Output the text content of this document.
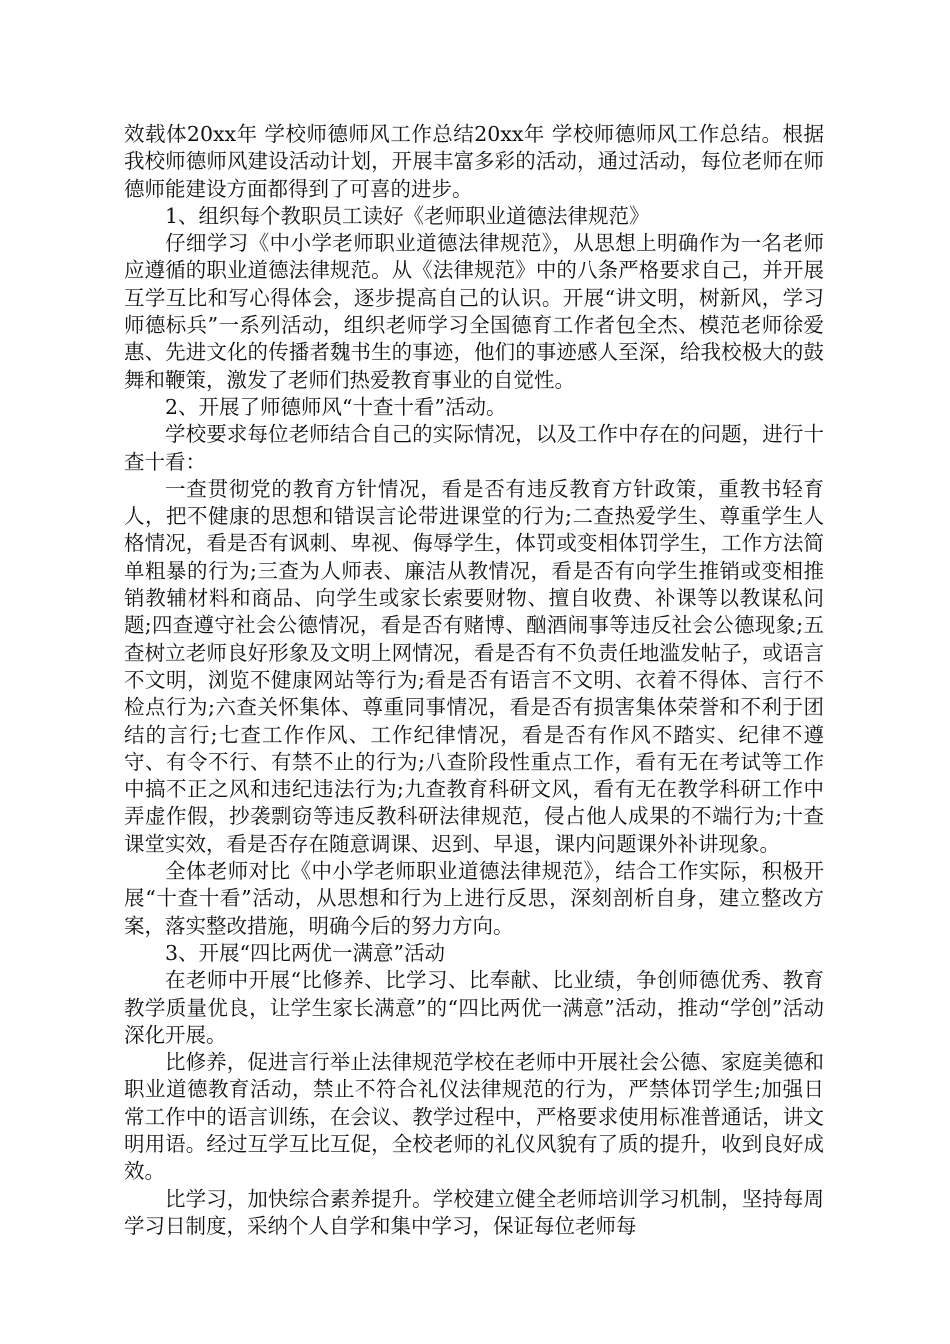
效载体20xx年 学校师德师风工作总结20xx年 学校师德师风工作总结。根据我校师德师风建设活动计划，开展丰富多彩的活动，通过活动，每位老师在师德师能建设方面都得到了可喜的进步。

1、组织每个教职员工读好《老师职业道德法律规范》

仔细学习《中小学老师职业道德法律规范》，从思想上明确作为一名老师应遵循的职业道德法律规范。从《法律规范》中的八条严格要求自己，并开展互学互比和写心得体会，逐步提高自己的认识。开展“讲文明，树新风，学习师德标兵”一系列活动，组织老师学习全国德育工作者包全杰、模范老师徐爱惠、先进文化的传播者魏书生的事迹，他们的事迹感人至深，给我校极大的鼓舞和鞭策，激发了老师们热爱教育事业的自觉性。

2、开展了师德师风“十查十看”活动。

学校要求每位老师结合自己的实际情况，以及工作中存在的问题，进行十查十看：

一查贯彻党的教育方针情况，看是否有违反教育方针政策，重教书轻育人，把不健康的思想和错误言论带进课堂的行为;二查热爱学生、尊重学生人格情况，看是否有讽刺、卑视、侮辱学生，体罚或变相体罚学生，工作方法简单粗暴的行为;三查为人师表、廉洁从教情况，看是否有向学生推销或变相推销教辅材料和商品、向学生或家长索要财物、擅自收费、补课等以教谋私问题;四查遵守社会公德情况，看是否有赌博、酗酒闹事等违反社会公德现象;五查树立老师良好形象及文明上网情况，看是否有不负责任地滥发帖子，或语言不文明，浏览不健康网站等行为;看是否有语言不文明、衣着不得体、言行不检点行为;六查关怀集体、尊重同事情况，看是否有损害集体荣誉和不利于团结的言行;七查工作作风、工作纪律情况，看是否有作风不踏实、纪律不遵守、有令不行、有禁不止的行为;八查阶段性重点工作，看有无在考试等工作中搞不正之风和违纪违法行为;九查教育科研文风，看有无在教学科研工作中弄虚作假，抄袭剽窃等违反教科研法律规范，侵占他人成果的不端行为;十查课堂实效，看是否存在随意调课、迟到、早退，课内问题课外补讲现象。

全体老师对比《中小学老师职业道德法律规范》，结合工作实际，积极开展“十查十看”活动，从思想和行为上进行反思，深刻剖析自身，建立整改方案，落实整改措施，明确今后的努力方向。

3、开展“四比两优一满意”活动

在老师中开展“比修养、比学习、比奉献、比业绩，争创师德优秀、教育教学质量优良，让学生家长满意”的“四比两优一满意”活动，推动“学创”活动深化开展。

比修养，促进言行举止法律规范学校在老师中开展社会公德、家庭美德和职业道德教育活动，禁止不符合礼仪法律规范的行为，严禁体罚学生;加强日常工作中的语言训练，在会议、教学过程中，严格要求使用标准普通话，讲文明用语。经过互学互比互促，全校老师的礼仪风貌有了质的提升，收到良好成效。

比学习，加快综合素养提升。学校建立健全老师培训学习机制，坚持每周学习日制度，采纳个人自学和集中学习，保证每位老师每
